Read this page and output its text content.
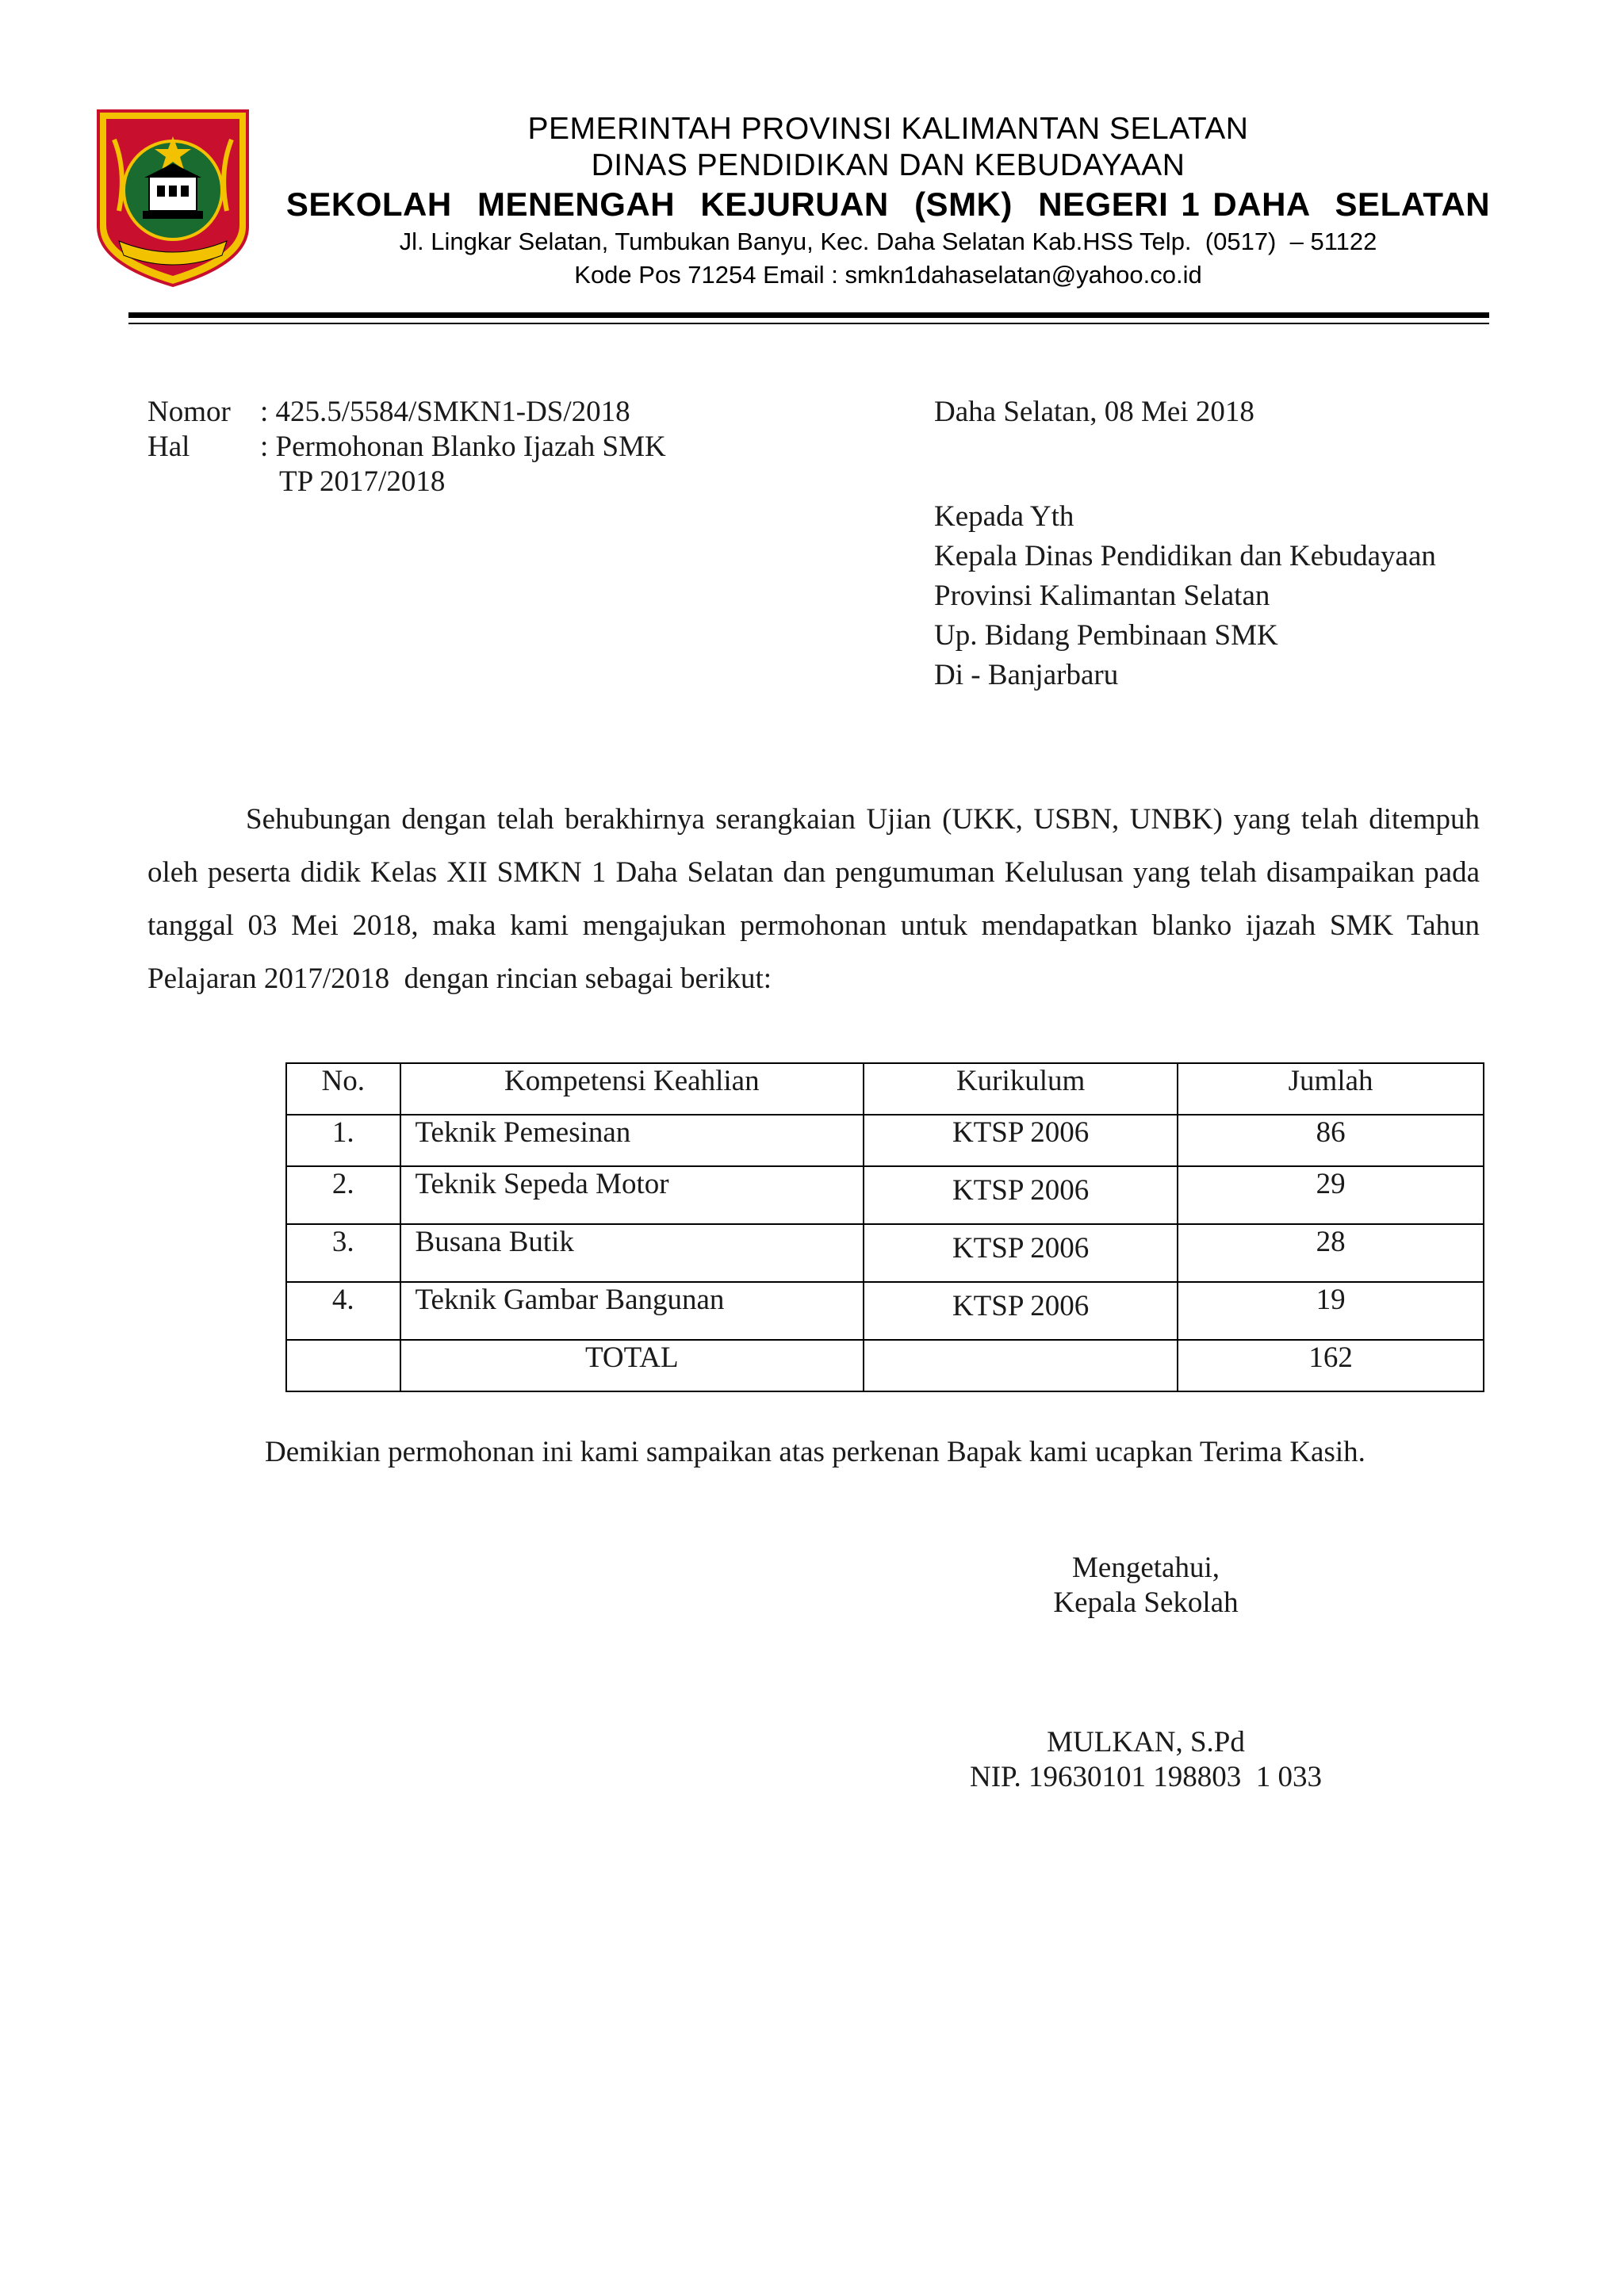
PEMERINTAH PROVINSI KALIMANTAN SELATAN
DINAS PENDIDIKAN DAN KEBUDAYAAN
SEKOLAH  MENENGAH  KEJURUAN  (SMK)  NEGERI 1 DAHA  SELATAN
Jl. Lingkar Selatan, Tumbukan Banyu, Kec. Daha Selatan Kab.HSS Telp.  (0517)  – 51122
Kode Pos 71254 Email : smkn1dahaselatan@yahoo.co.id
Nomor : 425.5/5584/SMKN1-DS/2018
Hal : Permohonan Blanko Ijazah SMK
TP 2017/2018
Daha Selatan, 08 Mei 2018
Kepada Yth
Kepala Dinas Pendidikan dan Kebudayaan
Provinsi Kalimantan Selatan
Up. Bidang Pembinaan SMK
Di - Banjarbaru
Sehubungan dengan telah berakhirnya serangkaian Ujian (UKK, USBN, UNBK) yang telah ditempuh oleh peserta didik Kelas XII SMKN 1 Daha Selatan dan pengumuman Kelulusan yang telah disampaikan pada tanggal 03 Mei 2018, maka kami mengajukan permohonan untuk mendapatkan blanko ijazah SMK Tahun Pelajaran 2017/2018  dengan rincian sebagai berikut:
No.	Kompetensi Keahlian	Kurikulum	Jumlah
1.	Teknik Pemesinan	KTSP 2006	86
2.	Teknik Sepeda Motor	KTSP 2006	29
3.	Busana Butik	KTSP 2006	28
4.	Teknik Gambar Bangunan	KTSP 2006	19
	TOTAL		162
Demikian permohonan ini kami sampaikan atas perkenan Bapak kami ucapkan Terima Kasih.
Mengetahui,
Kepala Sekolah
MULKAN, S.Pd
NIP. 19630101 198803  1 033
